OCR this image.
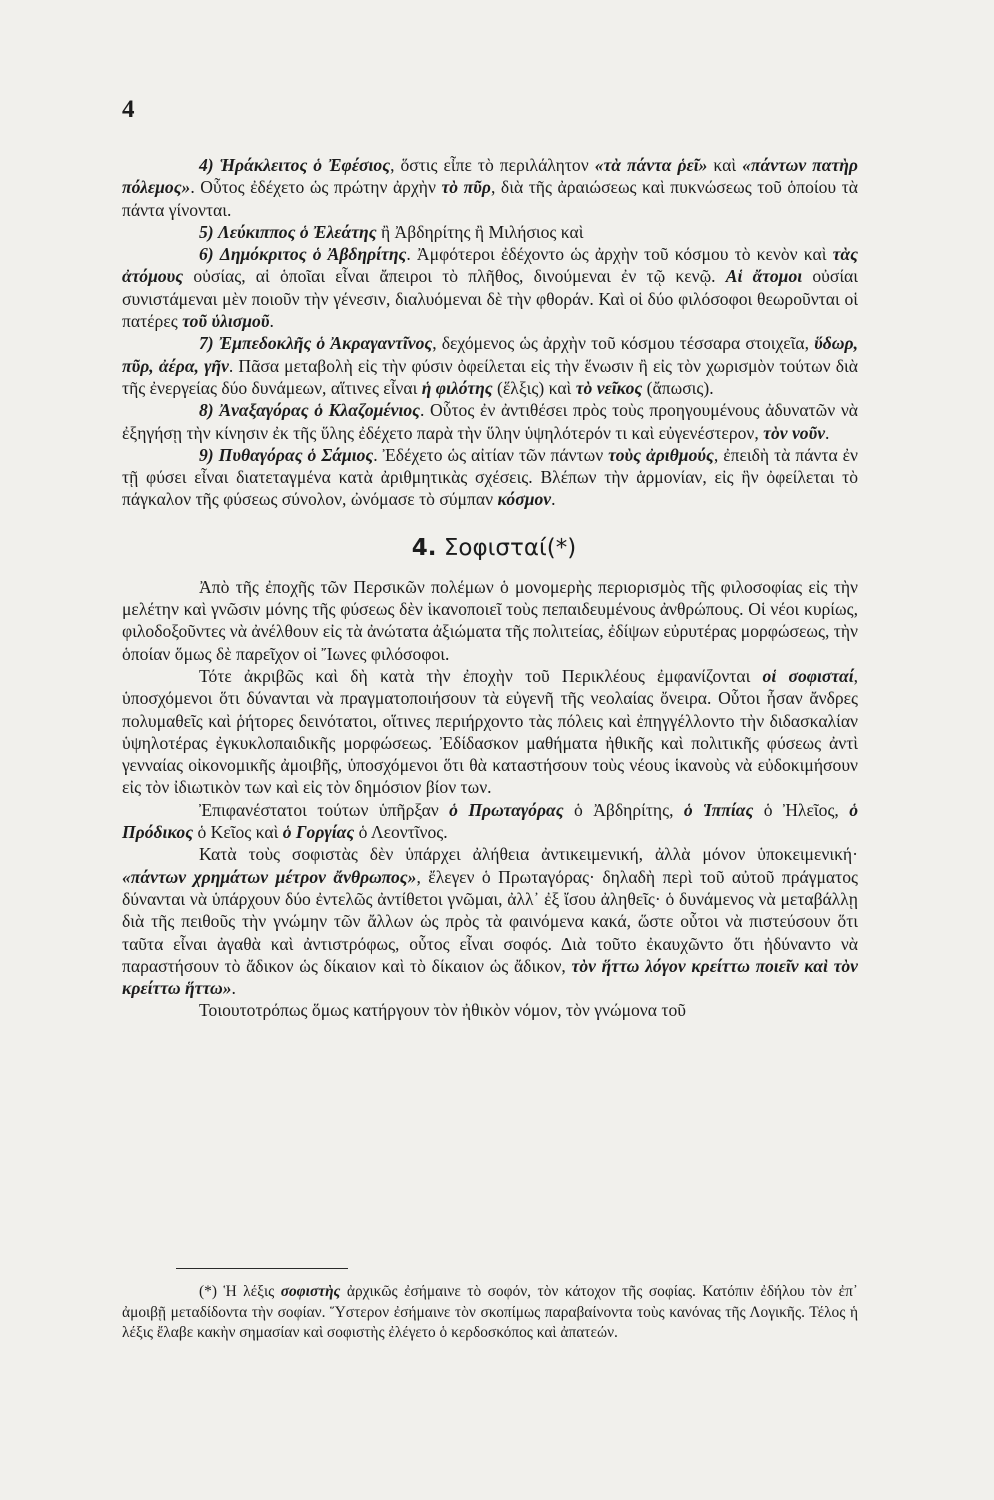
4

4) Ἡράκλειτος ὁ Ἐφέσιος, ὅστις εἶπε τὸ περιλάλητον «τὰ πάντα ῥεῖ» καὶ «πάντων πατὴρ πόλεμος». Οὗτος ἐδέχετο ὡς πρώτην ἀρχὴν τὸ πῦρ, διὰ τῆς ἀραιώσεως καὶ πυκνώσεως τοῦ ὁποίου τὰ πάντα γίνονται.

5) Λεύκιππος ὁ Ἐλεάτης ἢ Ἀβδηρίτης ἢ Μιλήσιος καὶ

6) Δημόκριτος ὁ Ἀβδηρίτης. Ἀμφότεροι ἐδέχοντο ὡς ἀρχὴν τοῦ κόσμου τὸ κενὸν καὶ τὰς ἀτόμους οὐσίας, αἱ ὁποῖαι εἶναι ἄπειροι τὸ πλῆθος, δινούμεναι ἐν τῷ κενῷ. Αἱ ἄτομοι οὐσίαι συνιστάμεναι μὲν ποιοῦν τὴν γένεσιν, διαλυόμεναι δὲ τὴν φθοράν. Καὶ οἱ δύο φιλόσοφοι θεωροῦνται οἱ πατέρες τοῦ ὑλισμοῦ.

7) Ἐμπεδοκλῆς ὁ Ἀκραγαντῖνος, δεχόμενος ὡς ἀρχὴν τοῦ κόσμου τέσσαρα στοιχεῖα, ὕδωρ, πῦρ, ἀέρα, γῆν. Πᾶσα μεταβολὴ εἰς τὴν φύσιν ὀφείλεται εἰς τὴν ἕνωσιν ἢ εἰς τὸν χωρισμὸν τούτων διὰ τῆς ἐνεργείας δύο δυνάμεων, αἵτινες εἶναι ἡ φιλότης (ἕλξις) καὶ τὸ νεῖκος (ἄπωσις).

8) Ἀναξαγόρας ὁ Κλαζομένιος. Οὗτος ἐν ἀντιθέσει πρὸς τοὺς προηγουμένους ἀδυνατῶν νὰ ἐξηγήσῃ τὴν κίνησιν ἐκ τῆς ὕλης ἐδέχετο παρὰ τὴν ὕλην ὑψηλότερόν τι καὶ εὐγενέστερον, τὸν νοῦν.

9) Πυθαγόρας ὁ Σάμιος. Ἐδέχετο ὡς αἰτίαν τῶν πάντων τοὺς ἀριθμούς, ἐπειδὴ τὰ πάντα ἐν τῇ φύσει εἶναι διατεταγμένα κατὰ ἀριθμητικὰς σχέσεις. Βλέπων τὴν ἁρμονίαν, εἰς ἣν ὀφείλεται τὸ πάγκαλον τῆς φύσεως σύνολον, ὠνόμασε τὸ σύμπαν κόσμον.

4. Σοφισταί(*)

Ἀπὸ τῆς ἐποχῆς τῶν Περσικῶν πολέμων ὁ μονομερὴς περιορισμὸς τῆς φιλοσοφίας εἰς τὴν μελέτην καὶ γνῶσιν μόνης τῆς φύσεως δὲν ἱκανοποιεῖ τοὺς πεπαιδευμένους ἀνθρώπους. Οἱ νέοι κυρίως, φιλοδοξοῦντες νὰ ἀνέλθουν εἰς τὰ ἀνώτατα ἀξιώματα τῆς πολιτείας, ἐδίψων εὐρυτέρας μορφώσεως, τὴν ὁποίαν ὅμως δὲ παρεῖχον οἱ Ἴωνες φιλόσοφοι.

Τότε ἀκριβῶς καὶ δὴ κατὰ τὴν ἐποχὴν τοῦ Περικλέους ἐμφανίζονται οἱ σοφισταί, ὑποσχόμενοι ὅτι δύνανται νὰ πραγματοποιήσουν τὰ εὐγενῆ τῆς νεολαίας ὄνειρα. Οὗτοι ἦσαν ἄνδρες πολυμαθεῖς καὶ ῥήτορες δεινότατοι, οἵτινες περιήρχοντο τὰς πόλεις καὶ ἐπηγγέλλοντο τὴν διδασκαλίαν ὑψηλοτέρας ἐγκυκλοπαιδικῆς μορφώσεως. Ἐδίδασκον μαθήματα ἠθικῆς καὶ πολιτικῆς φύσεως ἀντὶ γενναίας οἰκονομικῆς ἀμοιβῆς, ὑποσχόμενοι ὅτι θὰ καταστήσουν τοὺς νέους ἱκανοὺς νὰ εὐδοκιμήσουν εἰς τὸν ἰδιωτικὸν των καὶ εἰς τὸν δημόσιον βίον των.

Ἐπιφανέστατοι τούτων ὑπῆρξαν ὁ Πρωταγόρας ὁ Ἀβδηρίτης, ὁ Ἱππίας ὁ Ἠλεῖος, ὁ Πρόδικος ὁ Κεῖος καὶ ὁ Γοργίας ὁ Λεοντῖνος.

Κατὰ τοὺς σοφιστὰς δὲν ὑπάρχει ἀλήθεια ἀντικειμενική, ἀλλὰ μόνον ὑποκειμενική· «πάντων χρημάτων μέτρον ἄνθρωπος», ἔλεγεν ὁ Πρωταγόρας· δηλαδὴ περὶ τοῦ αὐτοῦ πράγματος δύνανται νὰ ὑπάρχουν δύο ἐντελῶς ἀντίθετοι γνῶμαι, ἀλλ᾿ ἐξ ἴσου ἀληθεῖς· ὁ δυνάμενος νὰ μεταβάλλῃ διὰ τῆς πειθοῦς τὴν γνώμην τῶν ἄλλων ὡς πρὸς τὰ φαινόμενα κακά, ὥστε οὗτοι νὰ πιστεύσουν ὅτι ταῦτα εἶναι ἀγαθὰ καὶ ἀντιστρόφως, οὗτος εἶναι σοφός. Διὰ τοῦτο ἐκαυχῶντο ὅτι ἠδύναντο νὰ παραστήσουν τὸ ἄδικον ὡς δίκαιον καὶ τὸ δίκαιον ὡς ἄδικον, τὸν ἥττω λόγον κρείττω ποιεῖν καὶ τὸν κρείττω ἥττω».

Τοιουτοτρόπως ὅμως κατήργουν τὸν ἠθικὸν νόμον, τὸν γνώμονα τοῦ

(*) Ἡ λέξις σοφιστὴς ἀρχικῶς ἐσήμαινε τὸ σοφόν, τὸν κάτοχον τῆς σοφίας. Κατόπιν ἐδήλου τὸν ἐπ᾿ ἀμοιβῇ μεταδίδοντα τὴν σοφίαν. Ὕστερον ἐσήμαινε τὸν σκοπίμως παραβαίνοντα τοὺς κανόνας τῆς Λογικῆς. Τέλος ἡ λέξις ἔλαβε κακὴν σημασίαν καὶ σοφιστὴς ἐλέγετο ὁ κερδοσκόπος καὶ ἀπατεών.
